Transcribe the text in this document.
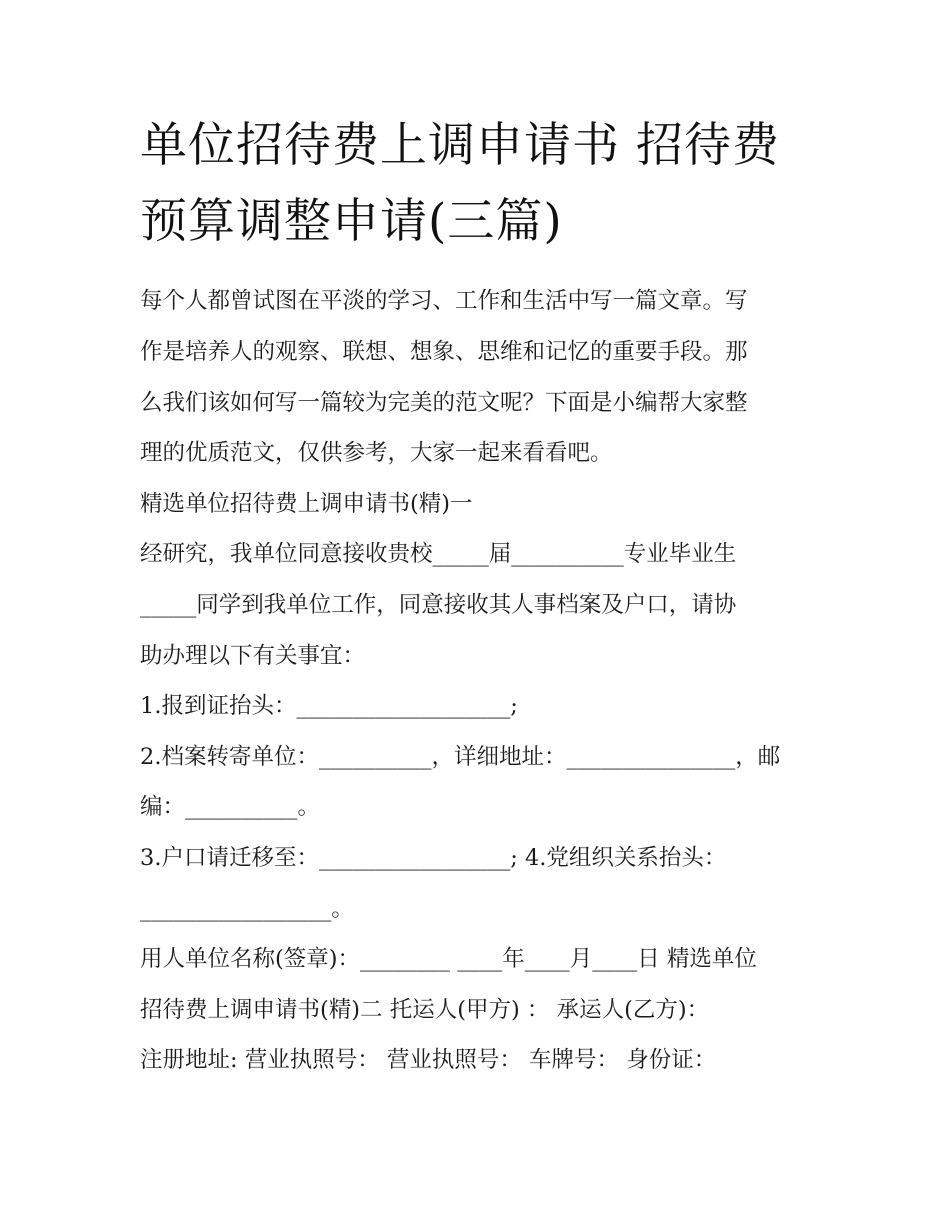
单位招待费上调申请书 招待费
预算调整申请(三篇)
每个人都曾试图在平淡的学习、工作和生活中写一篇文章。写
作是培养人的观察、联想、想象、思维和记忆的重要手段。那
么我们该如何写一篇较为完美的范文呢？下面是小编帮大家整
理的优质范文，仅供参考，大家一起来看看吧。
精选单位招待费上调申请书(精)一
经研究，我单位同意接收贵校_____届__________专业毕业生
_____同学到我单位工作，同意接收其人事档案及户口，请协
助办理以下有关事宜：
1.报到证抬头：___________________;
2.档案转寄单位：__________，详细地址：_______________，邮
编：__________。
3.户口请迁移至：_________________; 4.党组织关系抬头：
_________________。
用人单位名称(签章)：________ ____年____月____日 精选单位
招待费上调申请书(精)二 托运人(甲方) ： 承运人(乙方)：
注册地址: 营业执照号： 营业执照号： 车牌号： 身份证：
